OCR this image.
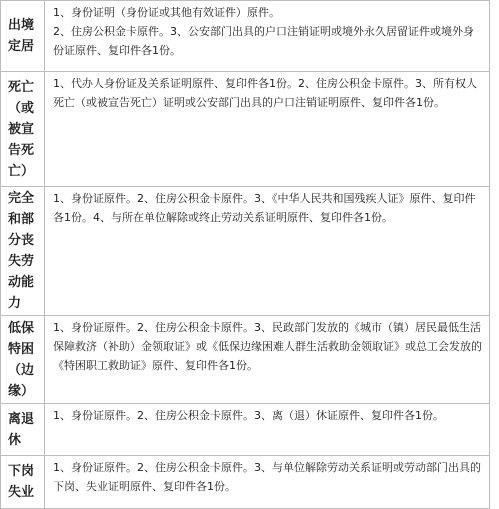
出境定居	1、身份证明（身份证或其他有效证件）原件。
2、住房公积金卡原件。3、公安部门出具的户口注销证明或境外永久居留证件或境外身份证原件、复印件各1份。

死亡（或被宣告死亡）	1、代办人身份证及关系证明原件、复印件各1份。2、住房公积金卡原件。3、所有权人死亡（或被宣告死亡）证明或公安部门出具的户口注销证明原件、复印件各1份。

完全和部分丧失劳动能力	1、身份证原件。2、住房公积金卡原件。3、《中华人民共和国残疾人证》原件、复印件各1份。4、与所在单位解除或终止劳动关系证明原件、复印件各1份。

低保特困（边缘）	1、身份证原件。2、住房公积金卡原件。3、民政部门发放的《城市（镇）居民最低生活保障救济（补助）金领取证》或《低保边缘困难人群生活救助金领取证》或总工会发放的《特困职工救助证》原件、复印件各1份。

离退休	1、身份证原件。2、住房公积金卡原件。3、离（退）休证原件、复印件各1份。

下岗失业	1、身份证原件。2、住房公积金卡原件。3、与单位解除劳动关系证明或劳动部门出具的下岗、失业证明原件、复印件各1份。
